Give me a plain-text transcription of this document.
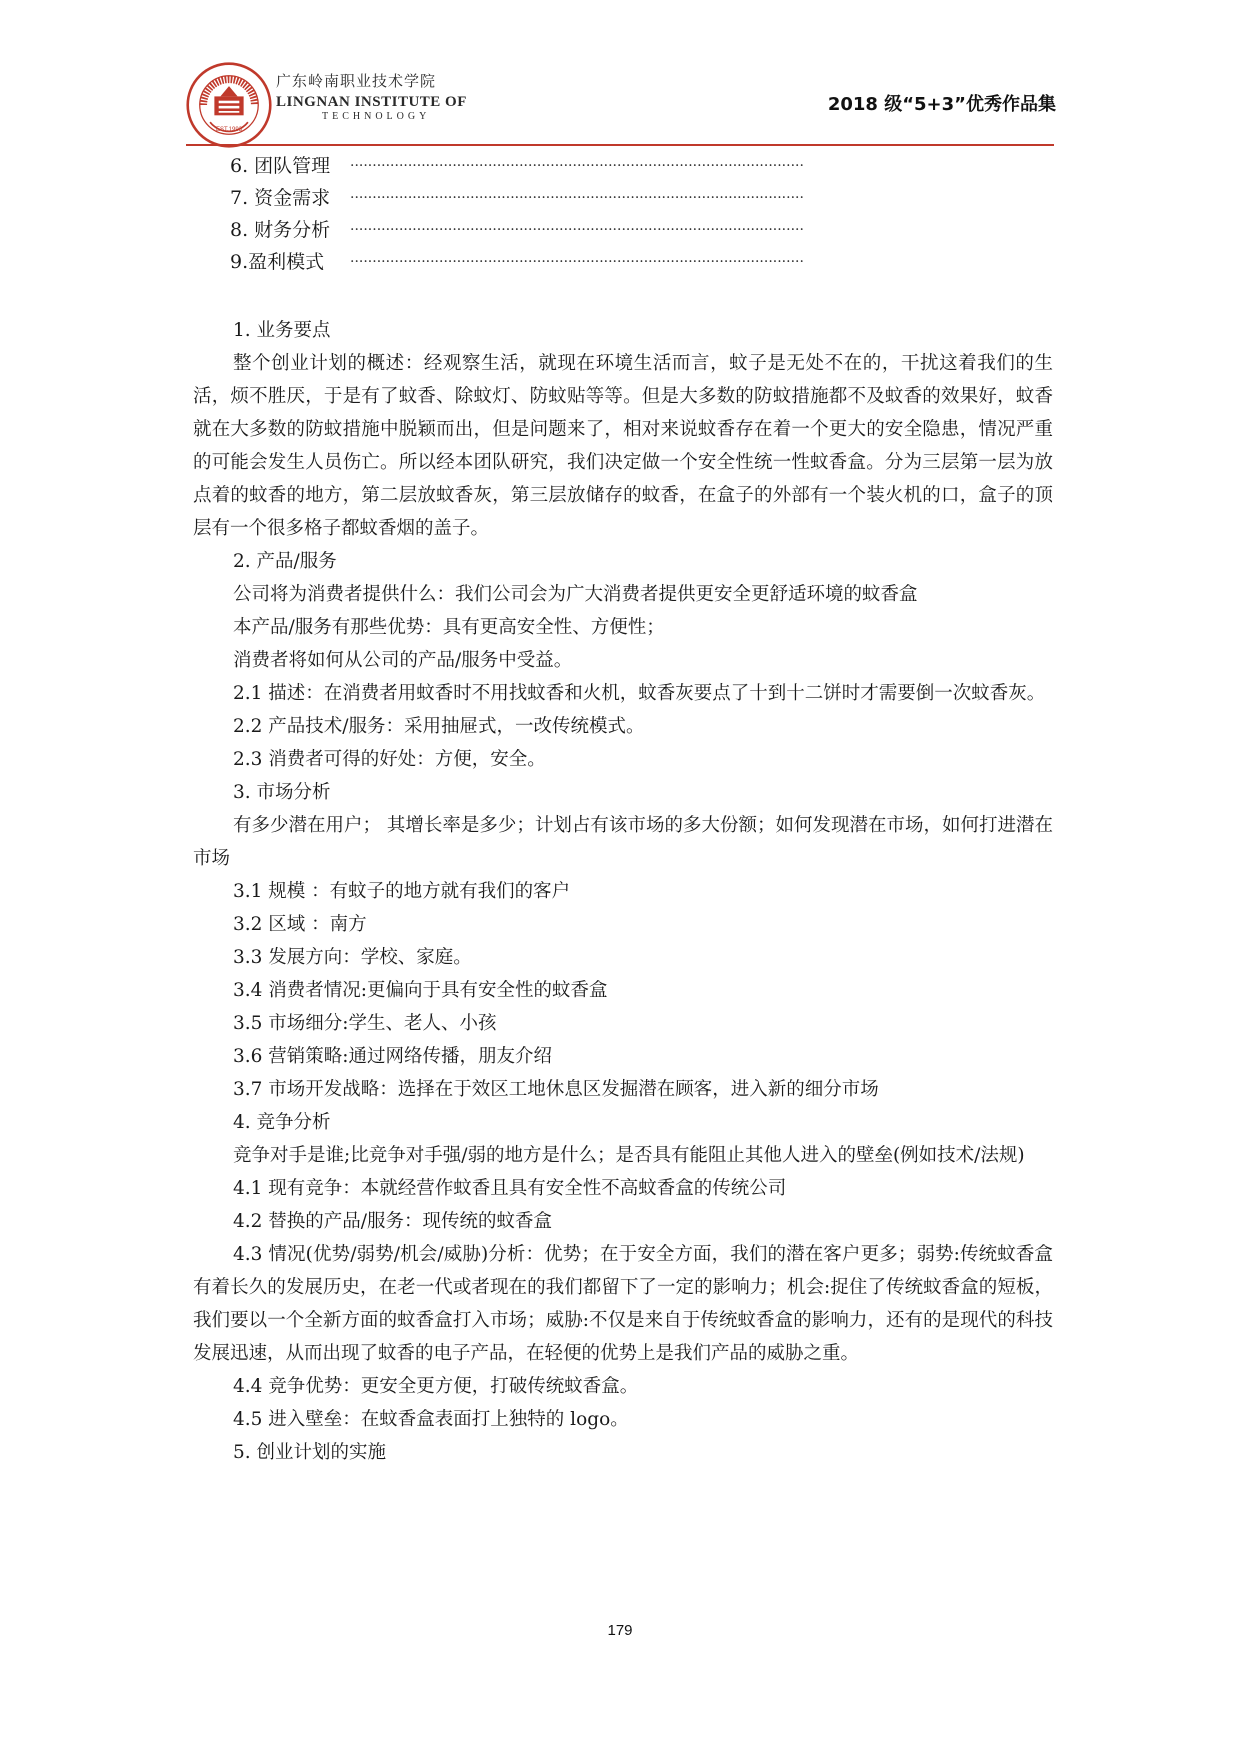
EST.1993
广东岭南职业技术学院
LINGNAN INSTITUTE OF
TECHNOLOGY
2018 级“5+3”优秀作品集
6. 团队管理	······································································································
7. 资金需求	······································································································
8. 财务分析	······································································································
9.盈利模式	······································································································

1. 业务要点

整个创业计划的概述：经观察生活，就现在环境生活而言，蚊子是无处不在的，干扰这着我们的生活，烦不胜厌，于是有了蚊香、除蚊灯、防蚊贴等等。但是大多数的防蚊措施都不及蚊香的效果好，蚊香就在大多数的防蚊措施中脱颖而出，但是问题来了，相对来说蚊香存在着一个更大的安全隐患，情况严重的可能会发生人员伤亡。所以经本团队研究，我们决定做一个安全性统一性蚊香盒。分为三层第一层为放点着的蚊香的地方，第二层放蚊香灰，第三层放储存的蚊香，在盒子的外部有一个装火机的口，盒子的顶层有一个很多格子都蚊香烟的盖子。

2. 产品/服务

公司将为消费者提供什么：我们公司会为广大消费者提供更安全更舒适环境的蚊香盒

本产品/服务有那些优势：具有更高安全性、方便性；

消费者将如何从公司的产品/服务中受益。

2.1 描述：在消费者用蚊香时不用找蚊香和火机，蚊香灰要点了十到十二饼时才需要倒一次蚊香灰。

2.2 产品技术/服务：采用抽屉式，一改传统模式。

2.3 消费者可得的好处：方便，安全。

3. 市场分析

有多少潜在用户； 其增长率是多少；计划占有该市场的多大份额；如何发现潜在市场，如何打进潜在市场

3.1 规模 ：有蚊子的地方就有我们的客户

3.2 区域 ：南方

3.3 发展方向：学校、家庭。

3.4 消费者情况:更偏向于具有安全性的蚊香盒

3.5 市场细分:学生、老人、小孩

3.6 营销策略:通过网络传播，朋友介绍

3.7 市场开发战略：选择在于效区工地休息区发掘潜在顾客，进入新的细分市场

4. 竞争分析

竞争对手是谁;比竞争对手强/弱的地方是什么；是否具有能阻止其他人进入的壁垒(例如技术/法规)

4.1 现有竞争：本就经营作蚊香且具有安全性不高蚊香盒的传统公司

4.2 替换的产品/服务：现传统的蚊香盒

4.3 情况(优势/弱势/机会/威胁)分析：优势；在于安全方面，我们的潜在客户更多；弱势:传统蚊香盒有着长久的发展历史，在老一代或者现在的我们都留下了一定的影响力；机会:捉住了传统蚊香盒的短板，我们要以一个全新方面的蚊香盒打入市场；威胁:不仅是来自于传统蚊香盒的影响力，还有的是现代的科技发展迅速，从而出现了蚊香的电子产品，在轻便的优势上是我们产品的威胁之重。

4.4 竞争优势：更安全更方便，打破传统蚊香盒。

4.5 进入壁垒：在蚊香盒表面打上独特的 logo。

5. 创业计划的实施

179
